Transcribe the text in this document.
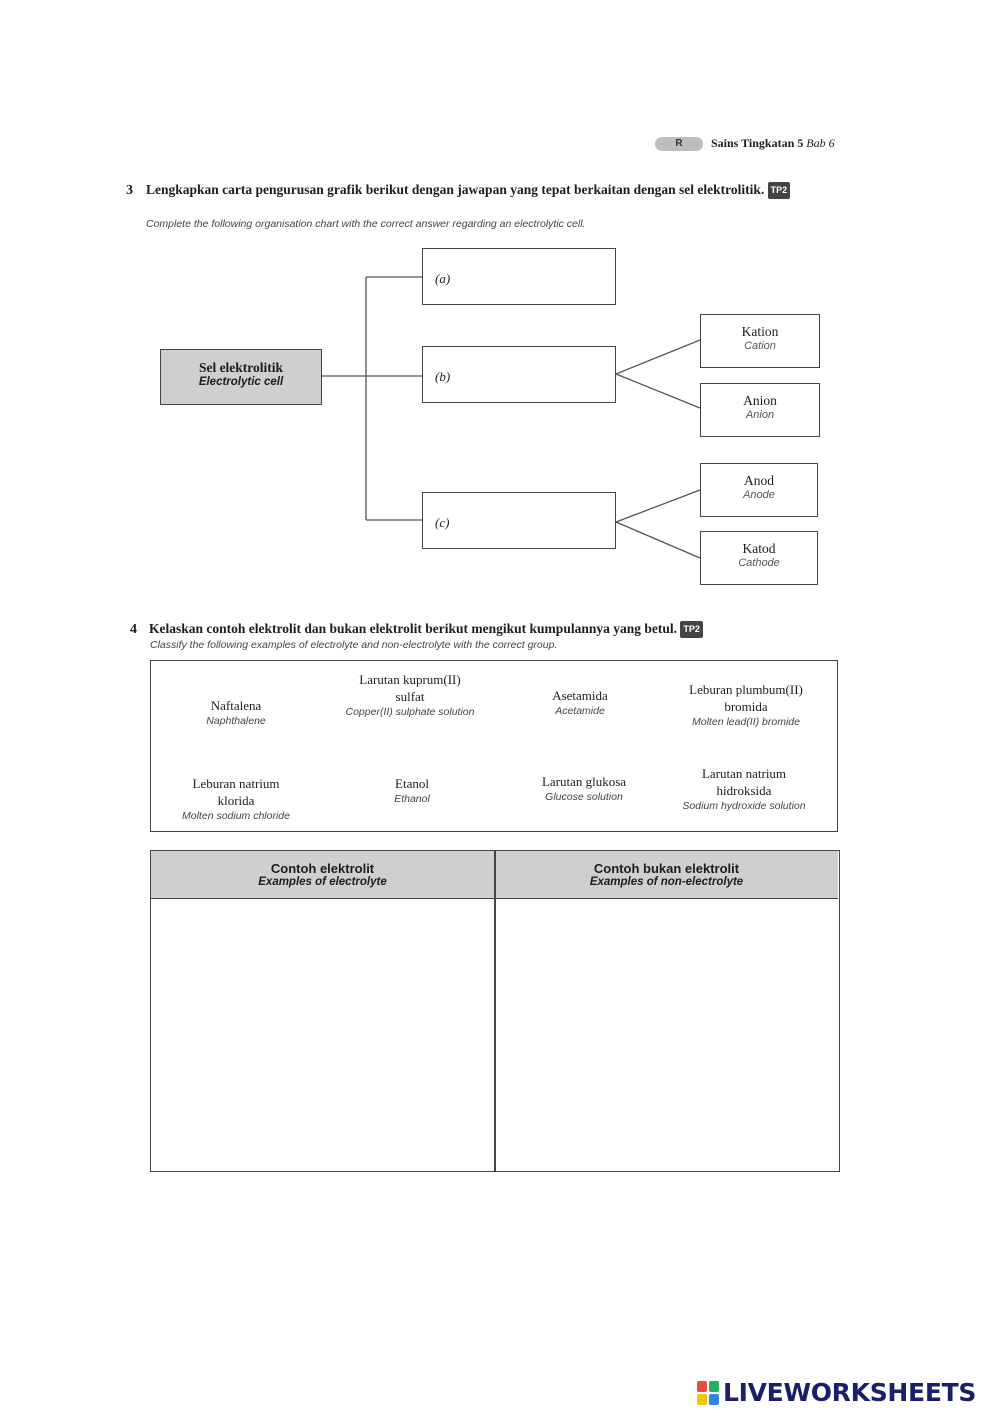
R	Sains Tingkatan 5 Bab 6
3 Lengkapkan carta pengurusan grafik berikut dengan jawapan yang tepat berkaitan dengan sel elektrolitik. TP2
Complete the following organisation chart with the correct answer regarding an electrolytic cell.
Sel elektrolitik
Electrolytic cell
(a)
(b)
(c)
Kation
Cation
Anion
Anion
Anod
Anode
Katod
Cathode
4 Kelaskan contoh elektrolit dan bukan elektrolit berikut mengikut kumpulannya yang betul. TP2
Classify the following examples of electrolyte and non-electrolyte with the correct group.
Naftalena
Naphthalene
Larutan kuprum(II) sulfat
Copper(II) sulphate solution
Asetamida
Acetamide
Leburan plumbum(II) bromida
Molten lead(II) bromide
Leburan natrium klorida
Molten sodium chloride
Etanol
Ethanol
Larutan glukosa
Glucose solution
Larutan natrium hidroksida
Sodium hydroxide solution
Contoh elektrolit
Examples of electrolyte
Contoh bukan elektrolit
Examples of non-electrolyte
LIVEWORKSHEETS
